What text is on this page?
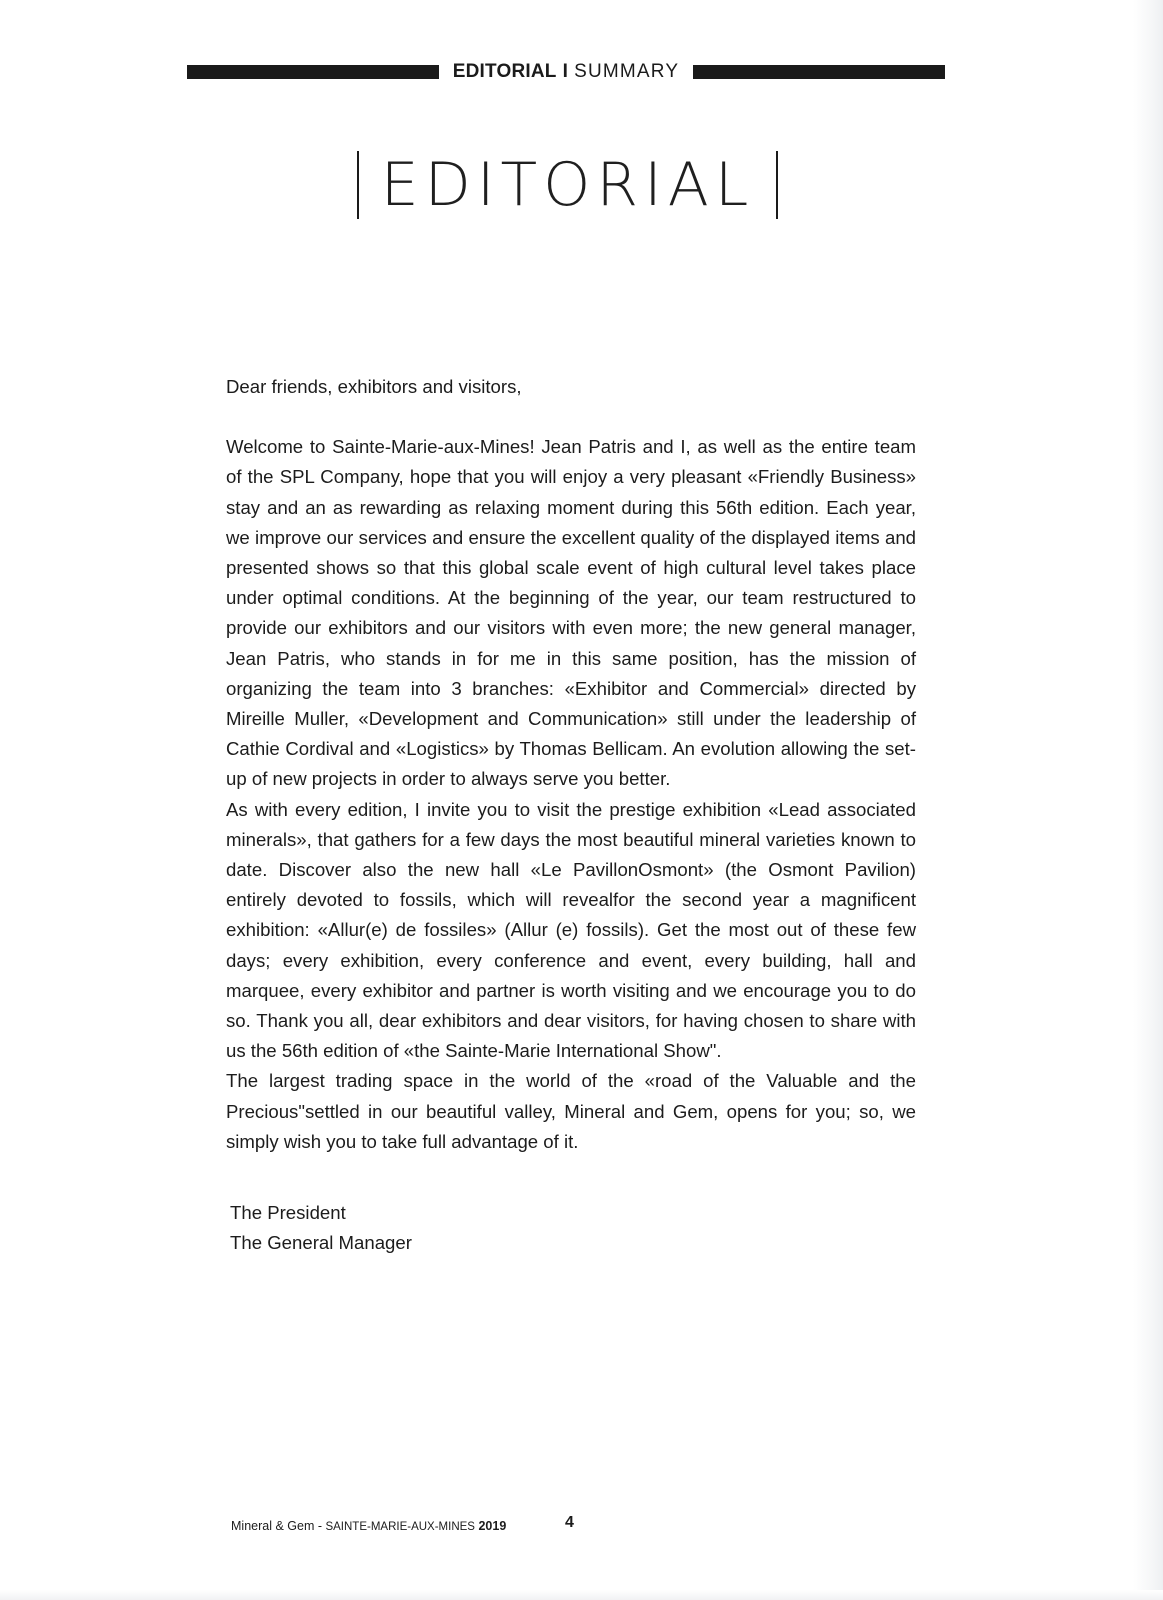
EDITORIAL I SUMMARY
EDITORIAL

Dear friends, exhibitors and visitors,

Welcome to Sainte-Marie-aux-Mines! Jean Patris and I, as well as the entire team of the SPL Company, hope that you will enjoy a very pleasant «Friendly Business» stay and an as rewarding as relaxing moment during this 56th edition. Each year, we improve our services and ensure the excellent quality of the displayed items and presented shows so that this global scale event of high cultural level takes place under optimal conditions. At the beginning of the year, our team restructured to provide our exhibitors and our visitors with even more; the new general manager, Jean Patris, who stands in for me in this same position, has the mission of organizing the team into 3 branches: «Exhibitor and Commercial» directed by Mireille Muller, «Development and Communication» still under the leadership of Cathie Cordival and «Logistics» by Thomas Bellicam. An evolution allowing the set-up of new projects in order to always serve you better.

As with every edition, I invite you to visit the prestige exhibition «Lead associated minerals», that gathers for a few days the most beautiful mineral varieties known to date. Discover also the new hall «Le PavillonOsmont» (the Osmont Pavilion) entirely devoted to fossils, which will revealfor the second year a magnificent exhibition: «Allur(e) de fossiles» (Allur (e) fossils). Get the most out of these few days; every exhibition, every conference and event, every building, hall and marquee, every exhibitor and partner is worth visiting and we encourage you to do so. Thank you all, dear exhibitors and dear visitors, for having chosen to share with us the 56th edition of «the Sainte-Marie International Show".

The largest trading space in the world of the «road of the Valuable and the Precious"settled in our beautiful valley, Mineral and Gem, opens for you; so, we simply wish you to take full advantage of it.

The President
The General Manager
Mineral & Gem - SAINTE-MARIE-AUX-MINES 2019	4
